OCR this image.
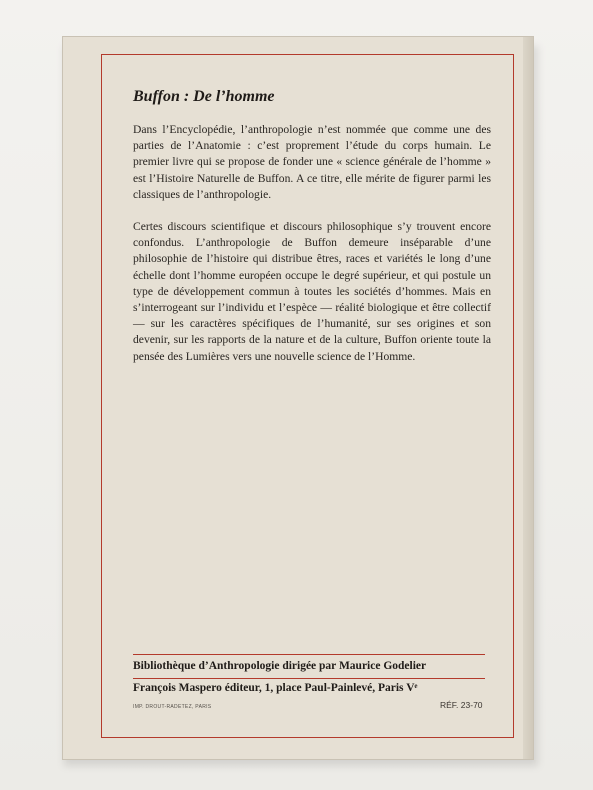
Buffon : De l’homme

Dans l’Encyclopédie, l’anthropologie n’est nommée que comme une des parties de l’Anatomie : c’est proprement l’étude du corps humain. Le premier livre qui se propose de fonder une « science générale de l’homme » est l’Histoire Naturelle de Buffon. A ce titre, elle mérite de figurer parmi les classiques de l’anthropologie.

Certes discours scientifique et discours philosophique s’y trouvent encore confondus. L’anthropologie de Buffon demeure inséparable d’une philosophie de l’histoire qui distribue êtres, races et variétés le long d’une échelle dont l’homme européen occupe le degré supérieur, et qui postule un type de développement commun à toutes les sociétés d’hommes. Mais en s’interrogeant sur l’individu et l’espèce — réalité biologique et être collectif — sur les caractères spécifiques de l’humanité, sur ses origines et son devenir, sur les rapports de la nature et de la culture, Buffon oriente toute la pensée des Lumières vers une nouvelle science de l’Homme.

Bibliothèque d’Anthropologie dirigée par Maurice Godelier
François Maspero éditeur, 1, place Paul-Painlevé, Paris Vᵉ
IMP. DROUT-RADETEZ, PARIS	RÉF. 23-70
